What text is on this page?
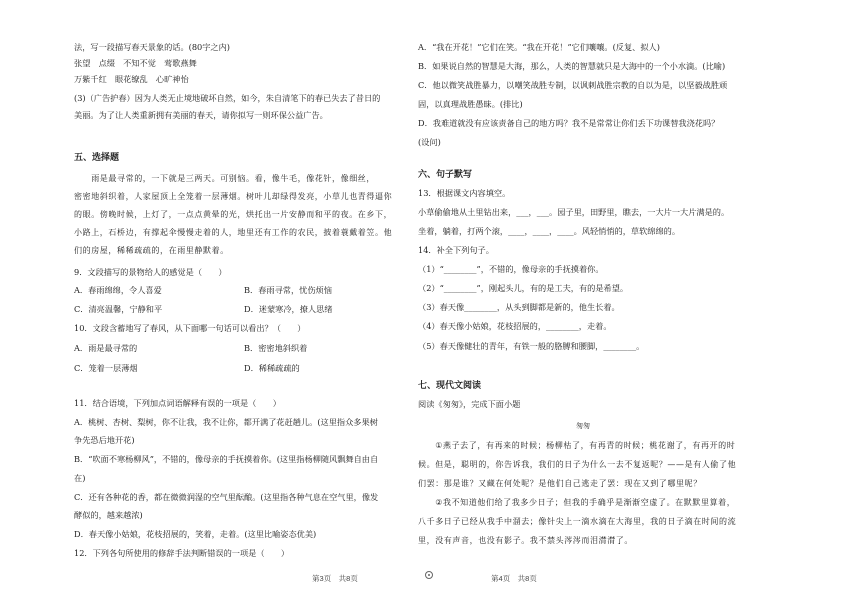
法，写一段描写春天景象的话。(80字之内)
张望　点缀　不知不觉　莺歌燕舞
万紫千红　眼花缭乱　心旷神怡
(3)（广告护春）因为人类无止境地破坏自然，如今，朱自清笔下的春已失去了昔日的
美丽。为了让人类重新拥有美丽的春天，请你拟写一则环保公益广告。
五、选择题
　　雨是最寻常的，一下就是三两天。可别恼。看，像牛毛，像花针，像细丝，
密密地斜织着，人家屋顶上全笼着一层薄烟。树叶儿却绿得发亮，小草儿也青得逼你
的眼。傍晚时候，上灯了，一点点黄晕的光，烘托出一片安静而和平的夜。在乡下，
小路上，石桥边，有撑起伞慢慢走着的人，地里还有工作的农民，披着蓑戴着笠。他
们的房屋，稀稀疏疏的，在雨里静默着。
9．文段描写的景物给人的感觉是（　　）
A．春雨绵绵，令人喜爱	B．春雨寻常，忧伤烦恼
C．清亮温馨，宁静和平	D．迷蒙寒冷，撩人思绪
10．文段含蓄地写了春风，从下面哪一句话可以看出？（　　）
A．雨是最寻常的	B．密密地斜织着
C．笼着一层薄烟	D．稀稀疏疏的
11．结合语境，下列加点词语解释有误的一项是（　　）
A．桃树、杏树、梨树，你不让我，我不让你，都开满了花赶趟儿。(这里指众多果树
争先恐后地开花)
B．“吹面不寒杨柳风”，不错的，像母亲的手抚摸着你。(这里指杨柳随风飘舞自由自
在)
C．还有各种花的香，都在微微润湿的空气里酝酿。(这里指各种气息在空气里，像发
酵似的，越来越浓)
D．春天像小姑娘，花枝招展的，笑着，走着。(这里比喻姿态优美)
12．下列各句所使用的修辞手法判断错误的一项是（　　）
A．“我在开花！”它们在笑。“我在开花！”它们嚷嚷。(反复、拟人)
B．如果说自然的智慧是大海，那么，人类的智慧就只是大海中的一个小水滴。(比喻)
C．他以微笑战胜暴力，以嘲笑战胜专制，以讽刺战胜宗教的自以为是，以坚毅战胜顽
固，以真理战胜愚昧。(排比)
D．我难道就没有应该责备自己的地方吗？我不是常常让你们丢下功课替我浇花吗？
(设问)
六、句子默写
13．根据课文内容填空。
小草偷偷地从土里钻出来，___，___。园子里，田野里，瞧去，一大片一大片满是的。
坐着，躺着，打两个滚，____，____，____。风轻悄悄的，草软绵绵的。
14．补全下列句子。
（1）“________”，不错的，像母亲的手抚摸着你。
（2）“________”，刚起头儿，有的是工夫，有的是希望。
（3）春天像________，从头到脚都是新的，他生长着。
（4）春天像小姑娘，花枝招展的，________，走着。
（5）春天像健壮的青年，有铁一般的胳膊和腰脚，________。
七、现代文阅读
阅读《匆匆》，完成下面小题
匆匆
　　①燕子去了，有再来的时候；杨柳枯了，有再青的时候；桃花谢了，有再开的时
候。但是，聪明的，你告诉我，我们的日子为什么一去不复返呢？——是有人偷了他
们罢：那是谁？又藏在何处呢？是他们自己逃走了罢：现在又到了哪里呢？
　　②我不知道他们给了我多少日子；但我的手确乎是渐渐空虚了。在默默里算着，
八千多日子已经从我手中溜去；像针尖上一滴水滴在大海里，我的日子滴在时间的流
里，没有声音，也没有影子。我不禁头涔涔而泪潸潸了。
第3页　共8页	第4页　共8页
